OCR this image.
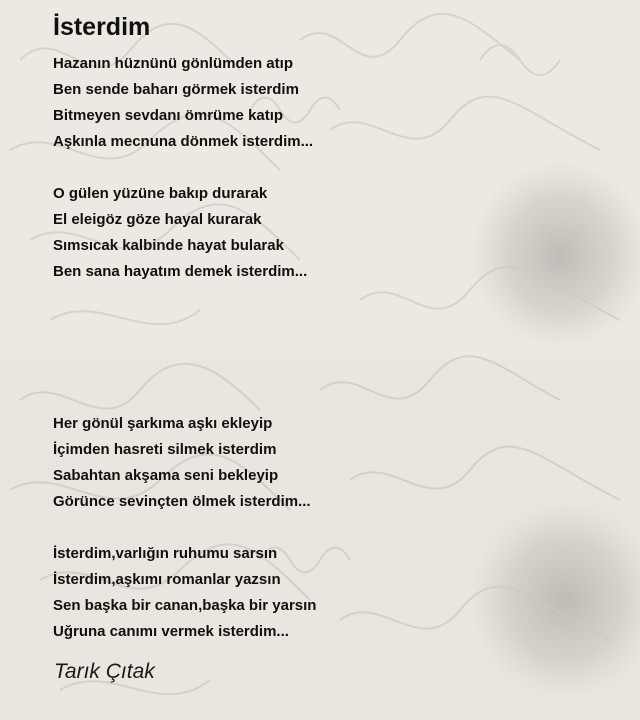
İsterdim
Hazanın hüznünü gönlümden atıp
Ben sende baharı görmek isterdim
Bitmeyen sevdanı ömrüme katıp
Aşkınla mecnuna dönmek isterdim...
O gülen yüzüne bakıp durarak
El eleigöz göze hayal kurarak
Sımsıcak kalbinde hayat bularak
Ben sana hayatım demek isterdim...
Her gönül şarkıma aşkı ekleyip
İçimden hasreti silmek isterdim
Sabahtan akşama seni bekleyip
Görünce sevinçten ölmek isterdim...
İsterdim,varlığın ruhumu sarsın
İsterdim,aşkımı romanlar yazsın
Sen başka bir canan,başka bir yarsın
Uğruna canımı vermek isterdim...
Tarık Çıtak
